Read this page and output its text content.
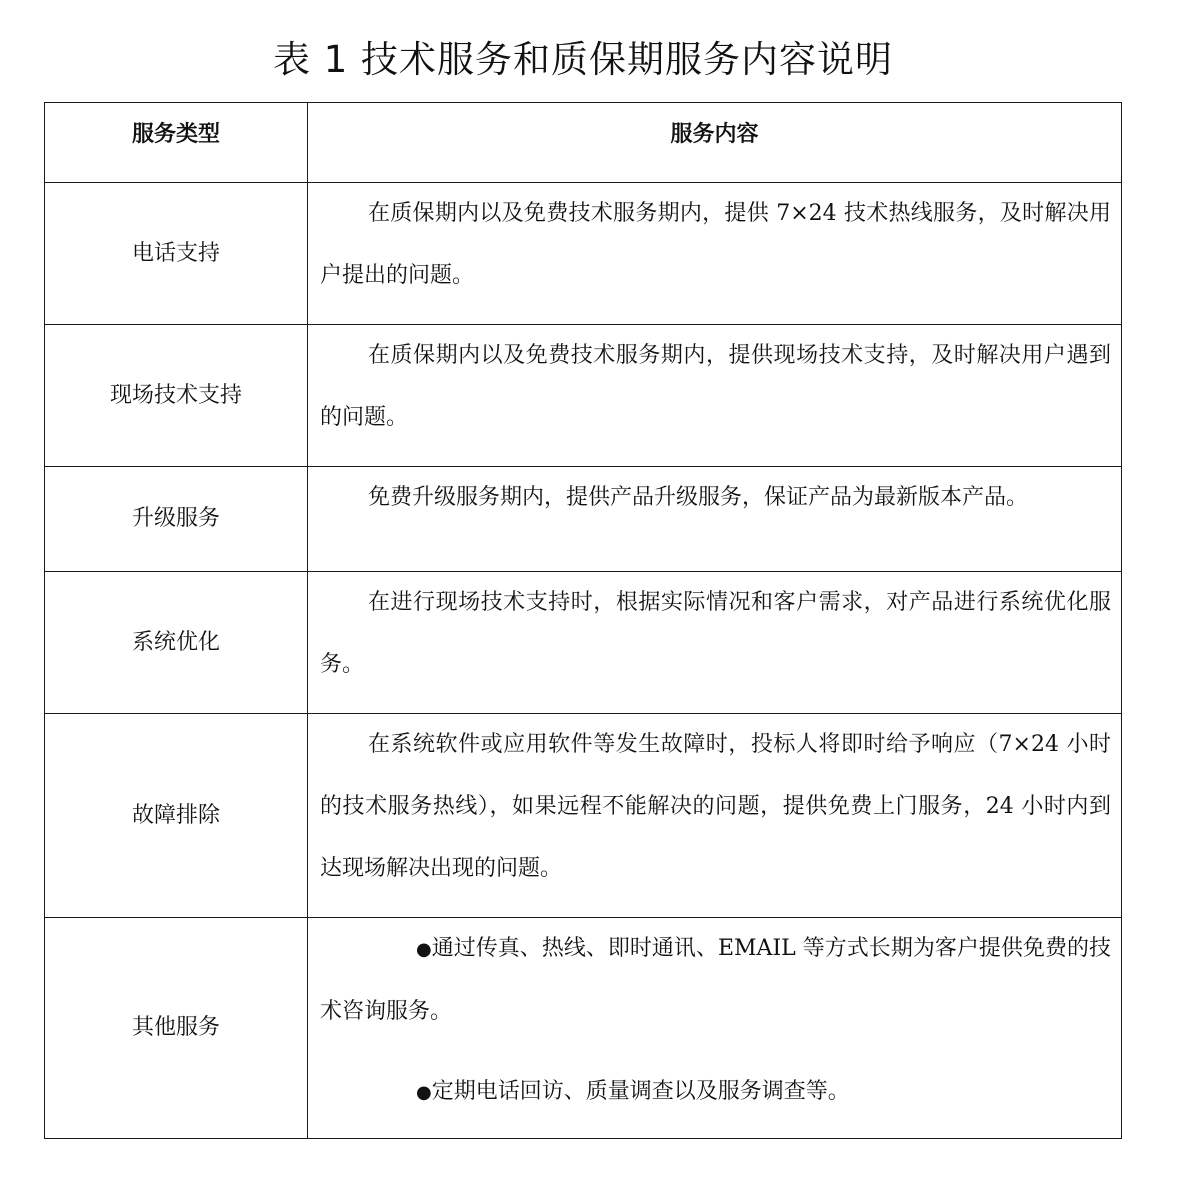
表 1 技术服务和质保期服务内容说明
服务类型	服务内容
电话支持	在质保期内以及免费技术服务期内，提供 7×24 技术热线服务，及时解决用户提出的问题。

现场技术支持	在质保期内以及免费技术服务期内，提供现场技术支持，及时解决用户遇到的问题。

升级服务	免费升级服务期内，提供产品升级服务，保证产品为最新版本产品。

系统优化	在进行现场技术支持时，根据实际情况和客户需求，对产品进行系统优化服务。

故障排除	在系统软件或应用软件等发生故障时，投标人将即时给予响应（7×24 小时的技术服务热线），如果远程不能解决的问题，提供免费上门服务，24 小时内到达现场解决出现的问题。

其他服务	●通过传真、热线、即时通讯、EMAIL 等方式长期为客户提供免费的技术咨询服务。
●定期电话回访、质量调查以及服务调查等。
